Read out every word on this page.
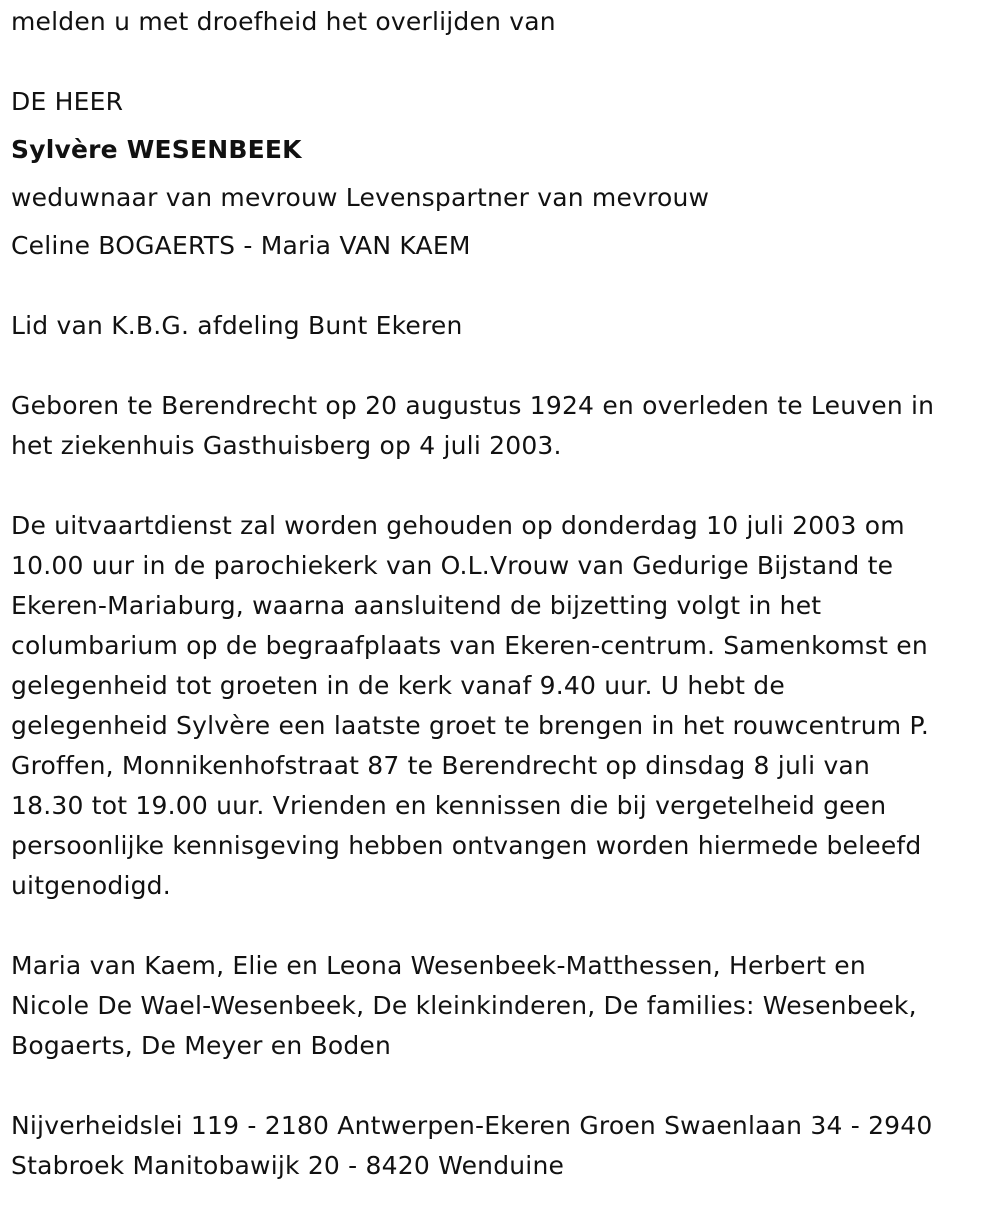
melden u met droefheid het overlijden van

DE HEER

Sylvère WESENBEEK

weduwnaar van mevrouw Levenspartner van mevrouw

Celine BOGAERTS - Maria VAN KAEM

Lid van K.B.G. afdeling Bunt Ekeren

Geboren te Berendrecht op 20 augustus 1924 en overleden te Leuven in

het ziekenhuis Gasthuisberg op 4 juli 2003.

De uitvaartdienst zal worden gehouden op donderdag 10 juli 2003 om

10.00 uur in de parochiekerk van O.L.Vrouw van Gedurige Bijstand te

Ekeren-Mariaburg, waarna aansluitend de bijzetting volgt in het

columbarium op de begraafplaats van Ekeren-centrum. Samenkomst en

gelegenheid tot groeten in de kerk vanaf 9.40 uur. U hebt de

gelegenheid Sylvère een laatste groet te brengen in het rouwcentrum P.

Groffen, Monnikenhofstraat 87 te Berendrecht op dinsdag 8 juli van

18.30 tot 19.00 uur. Vrienden en kennissen die bij vergetelheid geen

persoonlijke kennisgeving hebben ontvangen worden hiermede beleefd

uitgenodigd.

Maria van Kaem, Elie en Leona Wesenbeek-Matthessen, Herbert en

Nicole De Wael-Wesenbeek, De kleinkinderen, De families: Wesenbeek,

Bogaerts, De Meyer en Boden

Nijverheidslei 119 - 2180 Antwerpen-Ekeren Groen Swaenlaan 34 - 2940

Stabroek Manitobawijk 20 - 8420 Wenduine
